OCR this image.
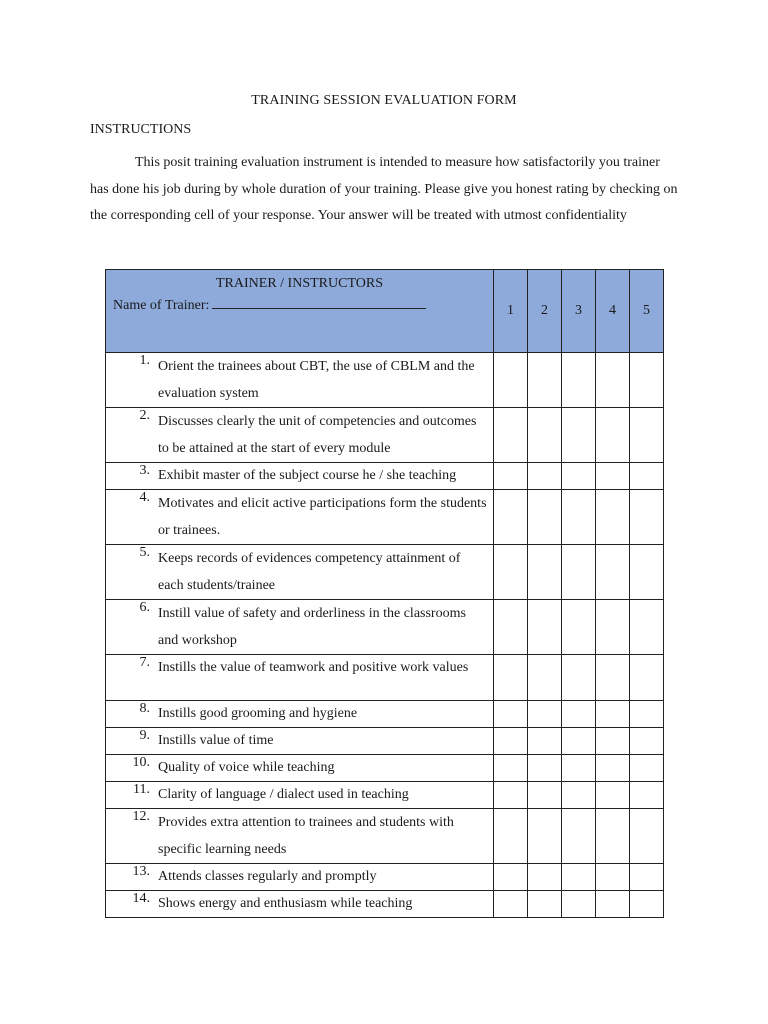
TRAINING SESSION EVALUATION FORM
INSTRUCTIONS
This posit training evaluation instrument is intended to measure how satisfactorily you trainer has done his job during by whole duration of your training. Please give you honest rating by checking on the corresponding cell of your response. Your answer will be treated with utmost confidentiality
TRAINER / INSTRUCTORS
Name of Trainer:	1	2	3	4	5

1. Orient the trainees about CBT, the use of CBLM and the evaluation system					

2. Discusses clearly the unit of competencies and outcomes to be attained at the start of every module					

3. Exhibit master of the subject course he / she teaching					

4. Motivates and elicit active participations form the students or trainees.					

5. Keeps records of evidences competency attainment of each students/trainee					

6. Instill value of safety and orderliness in the classrooms and workshop					

7. Instills the value of teamwork and positive work values					

8. Instills good grooming and hygiene					

9. Instills value of time					

10. Quality of voice while teaching					

11. Clarity of language / dialect used in teaching					

12. Provides extra attention to trainees and students with specific learning needs					

13. Attends classes regularly and promptly					

14. Shows energy and enthusiasm while teaching					
